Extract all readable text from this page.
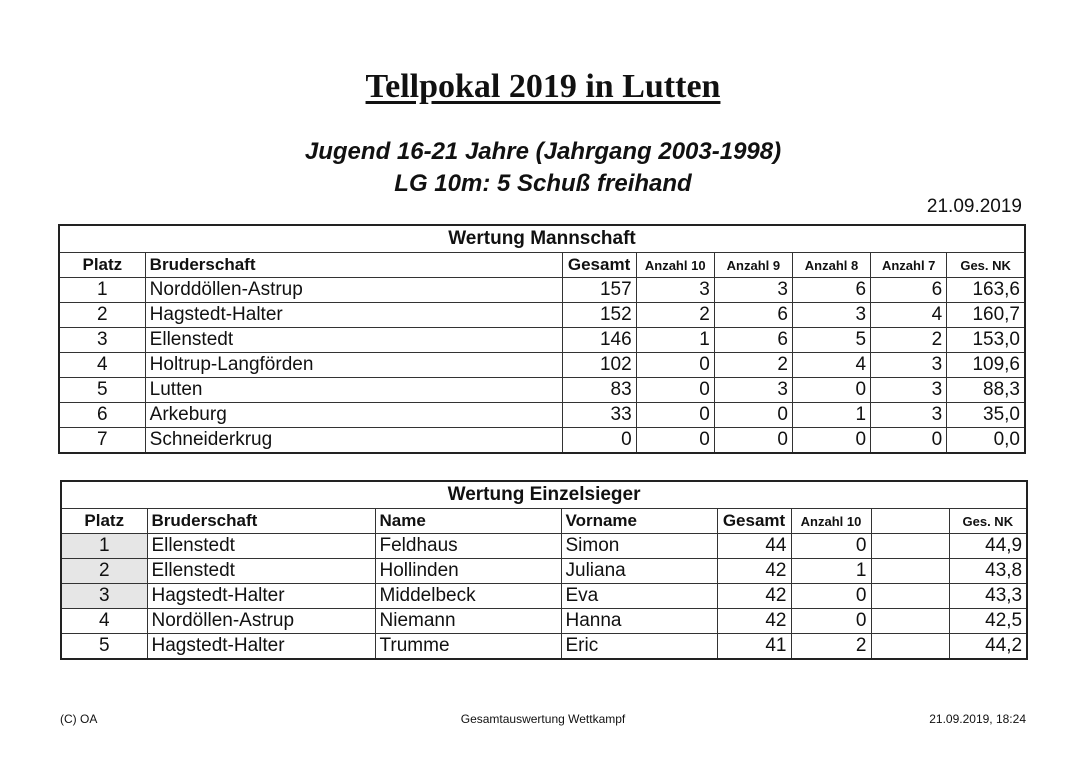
Tellpokal 2019 in Lutten
Jugend 16-21 Jahre (Jahrgang 2003-1998)
LG 10m: 5 Schuß freihand
21.09.2019
Wertung Mannschaft							
Platz	Bruderschaft	Gesamt	Anzahl 10	Anzahl 9	Anzahl 8	Anzahl 7	Ges. NK
1	Norddöllen-Astrup	157	3	3	6	6	163,6
2	Hagstedt-Halter	152	2	6	3	4	160,7
3	Ellenstedt	146	1	6	5	2	153,0
4	Holtrup-Langförden	102	0	2	4	3	109,6
5	Lutten	83	0	3	0	3	88,3
6	Arkeburg	33	0	0	1	3	35,0
7	Schneiderkrug	0	0	0	0	0	0,0
Wertung Einzelsieger							
Platz	Bruderschaft	Name	Vorname	Gesamt	Anzahl 10		Ges. NK
1	Ellenstedt	Feldhaus	Simon	44	0		44,9
2	Ellenstedt	Hollinden	Juliana	42	1		43,8
3	Hagstedt-Halter	Middelbeck	Eva	42	0		43,3
4	Nordöllen-Astrup	Niemann	Hanna	42	0		42,5
5	Hagstedt-Halter	Trumme	Eric	41	2		44,2
(C) OA	Gesamtauswertung Wettkampf	21.09.2019, 18:24
